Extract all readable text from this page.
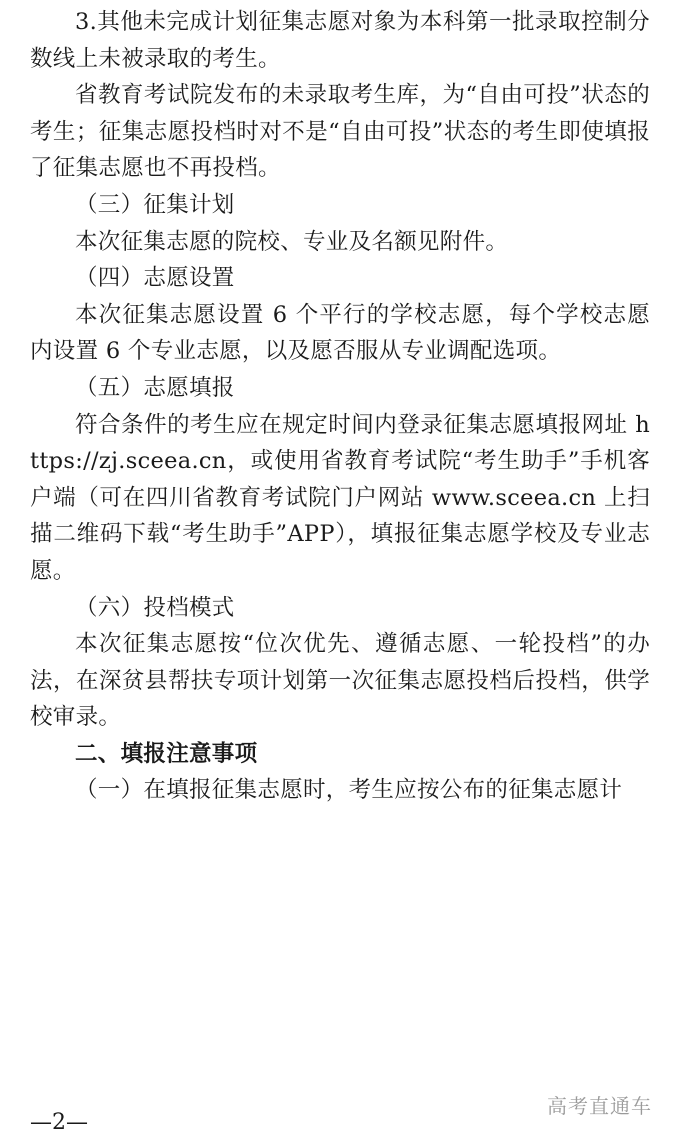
3.其他未完成计划征集志愿对象为本科第一批录取控制分数线上未被录取的考生。

省教育考试院发布的未录取考生库，为“自由可投”状态的考生；征集志愿投档时对不是“自由可投”状态的考生即使填报了征集志愿也不再投档。

（三）征集计划

本次征集志愿的院校、专业及名额见附件。

（四）志愿设置

本次征集志愿设置 6 个平行的学校志愿，每个学校志愿内设置 6 个专业志愿，以及愿否服从专业调配选项。

（五）志愿填报

符合条件的考生应在规定时间内登录征集志愿填报网址 https://zj.sceea.cn，或使用省教育考试院“考生助手”手机客户端（可在四川省教育考试院门户网站 www.sceea.cn 上扫描二维码下载“考生助手”APP），填报征集志愿学校及专业志愿。

（六）投档模式

本次征集志愿按“位次优先、遵循志愿、一轮投档”的办法，在深贫县帮扶专项计划第一次征集志愿投档后投档，供学校审录。

二、填报注意事项

（一）在填报征集志愿时，考生应按公布的征集志愿计

高考直通车
—2—
